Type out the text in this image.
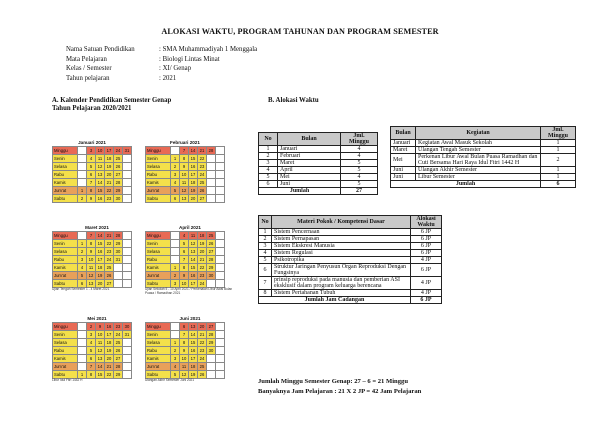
ALOKASI WAKTU, PROGRAM TAHUNAN DAN PROGRAM SEMESTER
Nama Satuan Pendidikan	: SMA Muhammadiyah 1 Menggala
Mata Pelajaran	: Biologi Lintas Minat
Kelas / Semester	: XI/ Genap
Tahun pelajaran	: 2021
A. Kalender Pendidikan Semester Genap
Tahun Pelajaran 2020/2021
B. Alokasi Waktu
Januari 2021
Minggu		3	10	17	24	31
Senin		4	11	18	25	
Selasa		5	12	19	26	
Rabu		6	13	20	27	
Kamis		7	14	21	28	
Jum'at	1	8	15	22	29	
Sabtu	2	9	16	23	30	
Februari 2021
Minggu		7	14	21	28	
Senin	1	8	15	22		
Selasa	2	9	16	23		
Rabu	3	10	17	24		
Kamis	4	11	18	25		
Jum'at	5	12	19	26		
Sabtu	6	13	20	27		
Maret 2021
Minggu		7	14	21	28	
Senin	1	8	15	22	29	
Selasa	2	9	16	23	30	
Rabu	3	10	17	24	31	
Kamis	4	11	18	25		
Jum'at	5	12	19	26		
Sabtu	6	13	20	27		
Ujian Tengah Semester 1 - 4 Maret 2021
April 2021
Minggu		4	11	18	25	
Senin		5	12	19	26	
Selasa		6	13	20	27	
Rabu		7	14	21	28	
Kamis	1	8	15	22	29	
Jum'at	2	9	16	23	30	
Sabtu	3	10	17	24		
Ujian Sekolah 5 - 10 April 2021 / Perkenalan Libur Awal Bulan Puasa / Ramadhan 2021
Mei 2021
Minggu		2	9	16	23	30
Senin		3	10	17	24	31
Selasa		4	11	18	25	
Rabu		5	12	19	26	
Kamis		6	13	20	27	
Jum'at		7	14	21	28	
Sabtu	1	8	15	22	29	
Libur Idul Fitri 1442 H
Juni 2021
Minggu		6	13	20	27	
Senin		7	14	21	28	
Selasa	1	8	15	22	29	
Rabu	2	9	16	23	30	
Kamis	3	10	17	24		
Jum'at	4	11	18	25		
Sabtu	5	12	19	26		
Ulangan Akhir Semester Juni 2021
No	Bulan	Jml. Minggu
1	Januari	4
2	Februari	4
3	Maret	5
4	April	5
5	Mei	4
6	Juni	5
Jumlah		27
Bulan	Kegiatan	Jml. Minggu
Januari	Kegiatan Awal Masuk Sekolah	1
Maret	Ulangan Tengah Semester	1
Mei	Perkenan Libur Awal Bulan Puasa Ramadhan dan Cuti Bersama Hari Raya Idul Fitri 1442 H	2
Juni	Ulangan Akhir Semester	1
Juni	Libur Semester	1
Jumlah		6
No	Materi Pokok / Kompetensi Dasar	Alokasi Waktu
1	Sistem Pencernaan	6 JP
2	Sistem Pernapasan	6 JP
3	Sistem Ekskresi Manusia	6 JP
4	Sistem Regulasi	6 JP
5	Psikotropika	4 JP
6	Struktur Jaringan Penyusun Organ Reproduksi Dengan Fungsinya	6 JP
7	prinsip reproduksi pada manusia dan pemberian ASI eksklusif dalam program keluarga berencana	4 JP
8	Sistem Pertahanan Tubuh	4 JP
Jumlah Jam Cadangan		6 JP
Jumlah Minggu Semester Genap: 27 – 6 = 21 Minggu
Banyaknya Jam Pelajaran : 21 X 2 JP = 42 Jam Pelajaran
